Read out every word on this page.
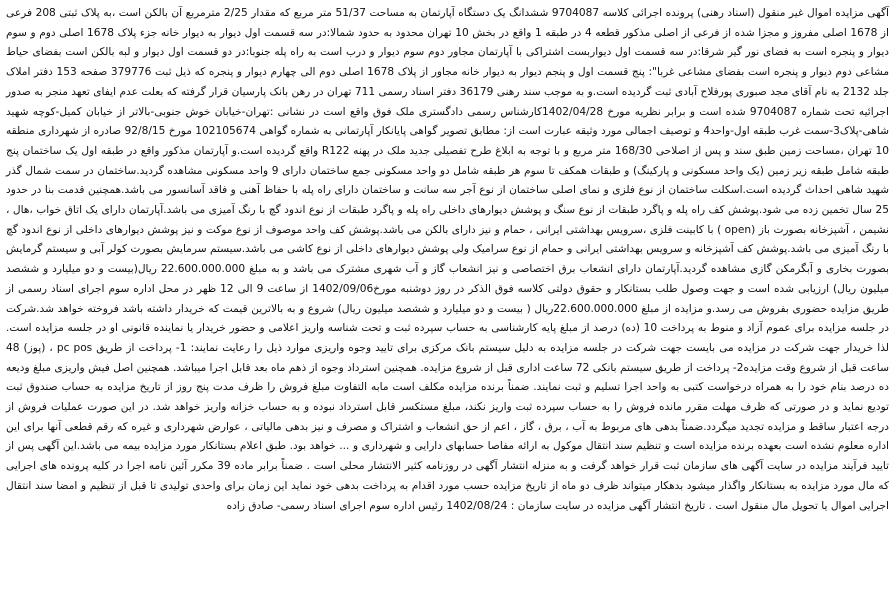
آگهی مزایده اموال غیر منقول (اسناد رهنی) پرونده اجرائی کلاسه 9704087 ششدانگ یک دستگاه آپارتمان به مساحت 51/37 متر مربع که مقدار 2/25 مترمربع آن بالکن است ،به پلاک ثبتی 208 فرعی از 1678 اصلی مفروز و مجزا شده از فرعی از اصلی مذکور قطعه 4 در طبقه 1 واقع در بخش 10 تهران محدود به حدود شمالا:در سه قسمت اول دیوار به دیوار خانه جزء پلاک 1678 اصلی دوم و سوم دیوار و پنجره است به فضای نور گیر شرقا:در سه قسمت اول دیواربست اشتراکی با آپارتمان مجاور دوم سوم دیوار و درب است به راه پله جنوبا:در دو قسمت اول دیوار و لبه بالکن است بفضای حیاط مشاعی دوم دیوار و پنجره است بفضای مشاعی غربا": پنج قسمت اول و پنجم دیوار به دیوار خانه مجاور از پلاک 1678 اصلی دوم الی چهارم دیوار و پنجره که ذیل ثبت 379776 صفحه 153 دفتر املاک جلد 2132 به نام آقای مجد صبوری پورفلاح آبادی ثبت گردیده است.و به موجب سند رهنی 36179 دفتر اسناد رسمی 711 تهران در رهن بانک پارسیان قرار گرفته که بعلت عدم ایفای تعهد منجر به صدور اجرائیه تحت شماره 9704087 شده است و برابر نظریه مورخ 1402/04/28کارشناس رسمی دادگستری ملک فوق واقع است در نشانی :تهران-خیابان خوش جنوبی-بالاتر از خیابان کمیل-کوچه شهید شاهی-پلاک3-سمت غرب طبقه اول-واحد4 و توصیف اجمالی مورد وثیقه عبارت است از: مطابق تصویر گواهی پایانکار آپارتمانی به شماره گواهی 102105674 مورخ 92/8/15 صادره از شهرداری منطقه 10 تهران ،مساحت زمین طبق سند و پس از اصلاحی 168/30 متر مربع و با توجه به ابلاغ طرح تفصیلی جدید ملک در پهنه R122 واقع گردیده است.و آپارتمان مذکور واقع در طبقه اول یک ساختمان پنج طبقه شامل طبقه زیر زمین (یک واحد مسکونی و پارکینگ) و طبقات همکف تا سوم هر طبقه شامل دو واحد مسکونی جمع ساختمان دارای 9 واحد مسکونی مشاهده گردید.ساختمان در سمت شمال گذر شهید شاهی احداث گردیده است.اسکلت ساختمان از نوع فلزی و نمای اصلی ساختمان از نوع آجر سه سانت و ساختمان دارای راه پله با حفاظ آهنی و فاقد آسانسور می باشد.همچنین قدمت بنا در حدود 25 سال تخمین زده می شود.پوشش کف راه پله و پاگرد طبقات از نوع سنگ و پوشش دیوارهای داخلی راه پله و پاگرد طبقات از نوع اندود گچ با رنگ آمیزی می باشد.آپارتمان دارای یک اتاق خواب ،هال ، نشیمن ، آشپزخانه بصورت باز (open ) با کابینت فلزی ،سرویس بهداشتی ایرانی ، حمام و نیز دارای بالکن می باشد.پوشش کف واحد موصوف از نوع موکت و نیز پوشش دیوارهای داخلی از نوع اندود گچ با رنگ آمیزی می باشد.پوشش کف آشپزخانه و سرویس بهداشتی ایرانی و حمام از نوع سرامیک ولی پوشش دیوارهای داخلی از نوع کاشی می باشد.سیستم سرمایش بصورت کولر آبی و سیستم گرمایش بصورت بخاری و آبگرمکن گازی مشاهده گردید.آپارتمان دارای انشعاب برق اختصاصی و نیز انشعاب گاز و آب شهری مشترک می باشد و به مبلغ 22.600.000.000 ریال(بیست و دو میلیارد و ششصد میلیون ریال) ارزیابی شده است و جهت وصول طلب بستانکار و حقوق دولتی کلاسه فوق الذکر در روز دوشنبه مورخ1402/09/06 از ساعت 9 الی 12 ظهر در محل اداره سوم اجرای اسناد رسمی از طریق مزایده حضوری بفروش می رسد.و مزایده از مبلغ 22.600.000.000ریال ( بیست و دو میلیارد و ششصد میلیون ریال) شروع و به بالاترین قیمت که خریدار داشته باشد فروخته خواهد شد.شرکت در جلسه مزایده برای عموم آزاد و منوط به پرداخت 10 (ده) درصد از مبلغ پایه کارشناسی به حساب سپرده ثبت و تحت شناسه واریز اعلامی و حضور خریدار یا نماینده قانونی او در جلسه مزایده است. لذا خریدار جهت شرکت در مزایده می بایست جهت شرکت در جلسه مزایده به دلیل سیستم بانک مرکزی برای تایید وجوه واریزی موارد ذیل را رعایت نمایند: 1- پرداخت از طریق pc pos ، (پوز) 48 ساعت قبل از شروع وقت مزایده2- پرداخت از طریق سیستم بانکی 72 ساعت اداری قبل از شروع مزایده. همچنین استرداد وجوه از ذهم ماه بعد قابل اجرا میباشد. همچنین اصل فیش واریزی مبلغ ودیعه ده درصد بنام خود را به همراه درخواست کتبی به واحد اجرا تسلیم و ثبت نمایند. ضمناً برنده مزایده مکلف است مابه التفاوت مبلغ فروش را ظرف مدت پنج روز از تاریخ مزایده به حساب صندوق ثبت تودیع نماید و در صورتی که ظرف مهلت مقرر مانده فروش را به حساب سپرده ثبت واریز نکند، مبلغ مستکسر قابل استرداد نبوده و به حساب خزانه واریز خواهد شد. در این صورت عملیات فروش از درجه اعتبار ساقط و مزایده تجدید میگردد.ضمناً بدهی های مربوط به آب ، برق ، گاز ، اعم از حق انشعاب و اشتراک و مصرف و نیز بدهی مالیاتی ، عوارض شهرداری و غیره که رقم قطعی آنها برای این اداره معلوم نشده است بعهده برنده مزایده است و تنظیم سند انتقال موکول به ارائه مفاصا حسابهای دارایی و شهرداری و ... خواهد بود. طبق اعلام بستانکار مورد مزایده بیمه می باشد.این آگهی پس از تایید فرآیند مزایده در سایت آگهی های سازمان ثبت قرار خواهد گرفت و به منزله انتشار آگهی در روزنامه کثیر الانتشار محلی است . ضمناً برابر ماده 39 مکرر آئین نامه اجرا در کلیه پرونده های اجرایی که مال مورد مزایده به بستانکار واگذار میشود بدهکار میتواند ظرف دو ماه از تاریخ مزایده حسب مورد اقدام به پرداخت بدهی خود نماید این زمان برای واحدی تولیدی تا قبل از تنظیم و امضا سند انتقال اجرایی اموال یا تحویل مال منقول است . تاریخ انتشار آگهی مزایده در سایت سازمان : 1402/08/24 رئیس اداره سوم اجرای اسناد رسمی- صادق زاده
